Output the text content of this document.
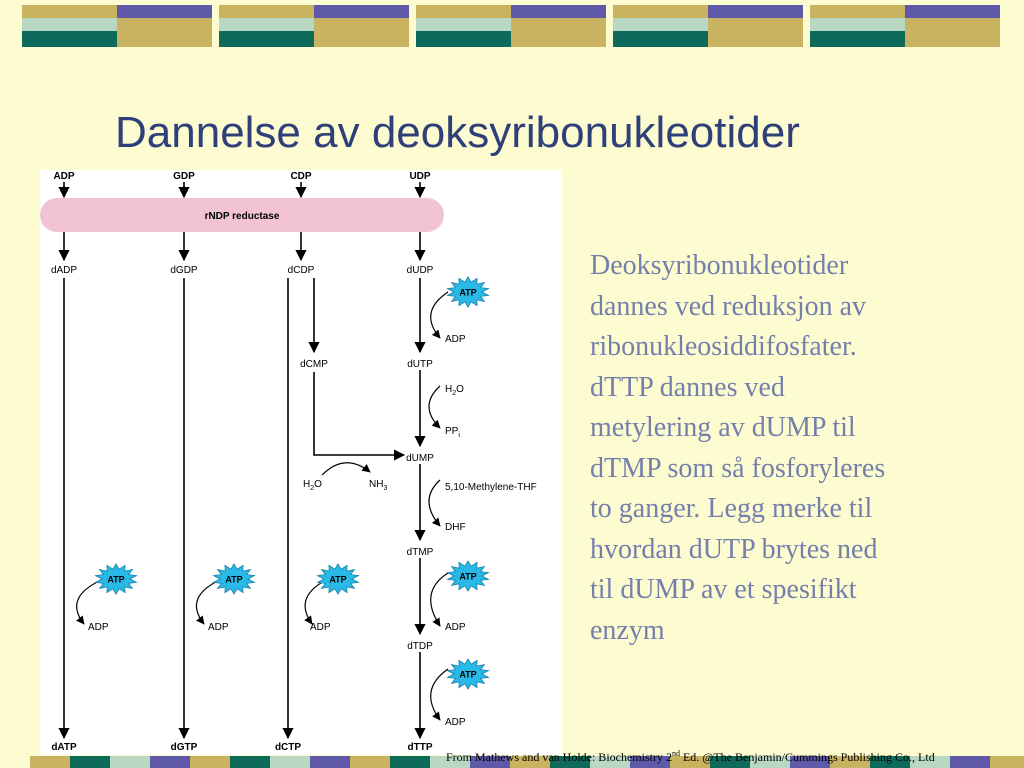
Dannelse av deoksyribonukleotider
ADP	GDP	CDP	UDP
rNDP reductase
dADP	dGDP	dCDP	dUDP
dCMP
$H_2O$	$NH_3$
dUTP
dUMP
dTMP
dTDP
ADP
$H_2O$
$PP_i$
5,10-Methylene-THF
DHF
ADP
ADP
ADP	ADP	ADP
ATP
ATP	ATP	ATP	ATP
ATP
dATP	dGTP	dCTP	dTTP
Deoksyribonukleotider
dannes ved reduksjon av
ribonukleosiddifosfater.
dTTP dannes ved
metylering av dUMP til
dTMP som så fosforyleres
to ganger. Legg merke til
hvordan dUTP brytes ned
til dUMP av et spesifikt
enzym
From Mathews and van Holde: Biochemistry 2nd Ed. @The Benjamin/Cummings Publishing Co., Ltd
